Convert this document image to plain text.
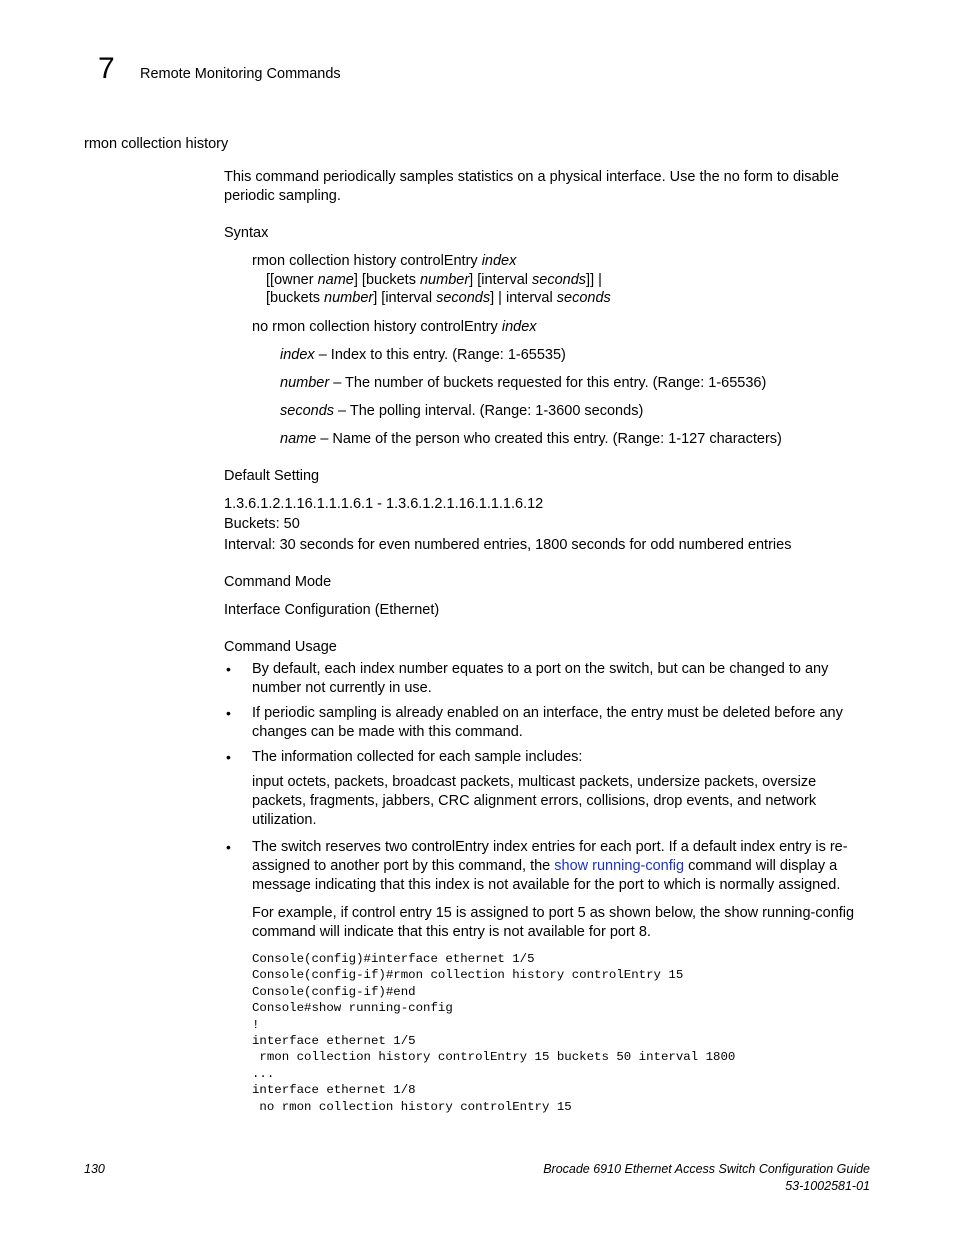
7 Remote Monitoring Commands
rmon collection history
This command periodically samples statistics on a physical interface. Use the no form to disable periodic sampling.
Syntax
rmon collection history controlEntry index
[[owner name] [buckets number] [interval seconds]] |
[buckets number] [interval seconds] | interval seconds
no rmon collection history controlEntry index
index – Index to this entry. (Range: 1-65535)
number – The number of buckets requested for this entry. (Range: 1-65536)
seconds – The polling interval. (Range: 1-3600 seconds)
name – Name of the person who created this entry. (Range: 1-127 characters)
Default Setting
1.3.6.1.2.1.16.1.1.1.6.1 - 1.3.6.1.2.1.16.1.1.1.6.12
Buckets: 50
Interval: 30 seconds for even numbered entries, 1800 seconds for odd numbered entries
Command Mode
Interface Configuration (Ethernet)
Command Usage
• By default, each index number equates to a port on the switch, but can be changed to any number not currently in use.
• If periodic sampling is already enabled on an interface, the entry must be deleted before any changes can be made with this command.
• The information collected for each sample includes:
input octets, packets, broadcast packets, multicast packets, undersize packets, oversize packets, fragments, jabbers, CRC alignment errors, collisions, drop events, and network utilization.
• The switch reserves two controlEntry index entries for each port. If a default index entry is re-assigned to another port by this command, the show running-config command will display a message indicating that this index is not available for the port to which is normally assigned.
For example, if control entry 15 is assigned to port 5 as shown below, the show running-config command will indicate that this entry is not available for port 8.
Console(config)#interface ethernet 1/5
Console(config-if)#rmon collection history controlEntry 15
Console(config-if)#end
Console#show running-config
!
interface ethernet 1/5
rmon collection history controlEntry 15 buckets 50 interval 1800
...
interface ethernet 1/8
no rmon collection history controlEntry 15
130	Brocade 6910 Ethernet Access Switch Configuration Guide
53-1002581-01
